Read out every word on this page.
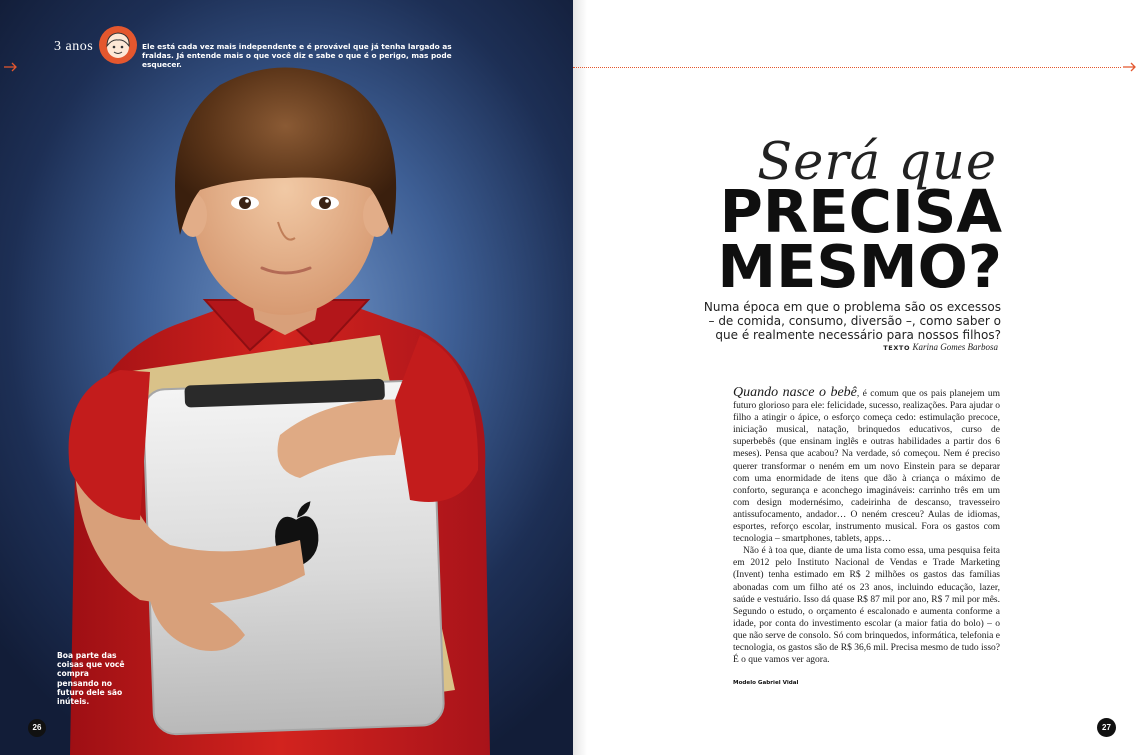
3 anos	Ele está cada vez mais independente e é provável que já tenha largado as fraldas. Já entende mais o que você diz e sabe o que é o perigo, mas pode esquecer.
Boa parte das coisas que você compra pensando no futuro dele são inúteis.
26
Será que
PRECISA
MESMO?
Numa época em que o problema são os excessos – de comida, consumo, diversão –, como saber o que é realmente necessário para nossos filhos?
TEXTO Karina Gomes Barbosa

Quando nasce o bebê, é comum que os pais planejem um futuro glorioso para ele: felicidade, sucesso, realizações. Para ajudar o filho a atingir o ápice, o esforço começa cedo: estimulação precoce, iniciação musical, natação, brinquedos educativos, curso de superbebês (que ensinam inglês e outras habilidades a partir dos 6 meses). Pensa que acabou? Na verdade, só começou. Nem é preciso querer transformar o neném em um novo Einstein para se deparar com uma enormidade de itens que dão à criança o máximo de conforto, segurança e aconchego imagináveis: carrinho três em um com design modernésimo, cadeirinha de descanso, travesseiro antissufocamento, andador… O neném cresceu? Aulas de idiomas, esportes, reforço escolar, instrumento musical. Fora os gastos com tecnologia – smartphones, tablets, apps…

Não é à toa que, diante de uma lista como essa, uma pesquisa feita em 2012 pelo Instituto Nacional de Vendas e Trade Marketing (Invent) tenha estimado em R$ 2 milhões os gastos das famílias abonadas com um filho até os 23 anos, incluindo educação, lazer, saúde e vestuário. Isso dá quase R$ 87 mil por ano, R$ 7 mil por mês. Segundo o estudo, o orçamento é escalonado e aumenta conforme a idade, por conta do investimento escolar (a maior fatia do bolo) – o que não serve de consolo. Só com brinquedos, informática, telefonia e tecnologia, os gastos são de R$ 36,6 mil. Precisa mesmo de tudo isso? É o que vamos ver agora.

Modelo Gabriel Vidal
27
